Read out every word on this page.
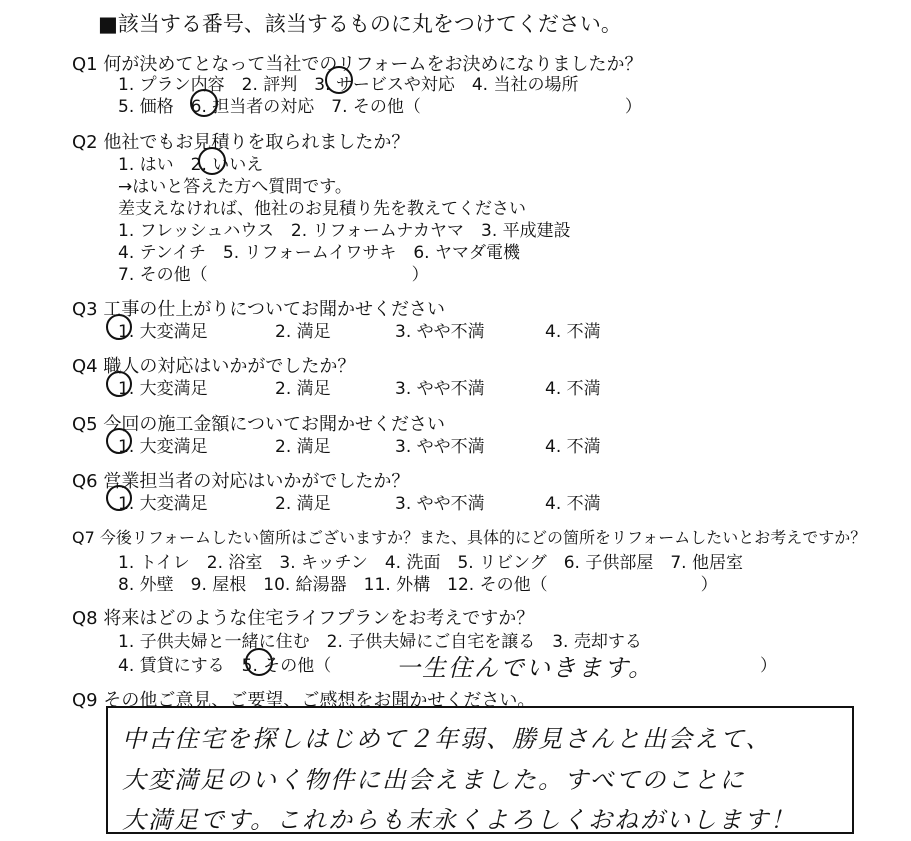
■該当する番号、該当するものに丸をつけてください。
Q1 何が決めてとなって当社でのリフォームをお決めになりましたか？
1. プラン内容　2. 評判　3. サービスや対応　4. 当社の場所
5. 価格　6. 担当者の対応　7. その他（　　　　　　　　　　　　）
Q2 他社でもお見積りを取られましたか？
1. はい　2. いいえ
→はいと答えた方へ質問です。
差支えなければ、他社のお見積り先を教えてください
1. フレッシュハウス　2. リフォームナカヤマ　3. 平成建設
4. テンイチ　5. リフォームイワサキ　6. ヤマダ電機
7. その他（　　　　　　　　　　　　）
Q3 工事の仕上がりについてお聞かせください
1. 大変満足	2. 満足	3. やや不満	4. 不満
Q4 職人の対応はいかがでしたか？
1. 大変満足	2. 満足	3. やや不満	4. 不満
Q5 今回の施工金額についてお聞かせください
1. 大変満足	2. 満足	3. やや不満	4. 不満
Q6 営業担当者の対応はいかがでしたか？
1. 大変満足	2. 満足	3. やや不満	4. 不満
Q7 今後リフォームしたい箇所はございますか？また、具体的にどの箇所をリフォームしたいとお考えですか？
1. トイレ　2. 浴室　3. キッチン　4. 洗面　5. リビング　6. 子供部屋　7. 他居室
8. 外壁　9. 屋根　10. 給湯器　11. 外構　12. その他（　　　　　　　　　）
Q8 将来はどのような住宅ライフプランをお考えですか？
1. 子供夫婦と一緒に住む　2. 子供夫婦にご自宅を譲る　3. 売却する
4. 賃貸にする　5. その他（	一生住んでいきます。	）
Q9 その他ご意見、ご要望、ご感想をお聞かせください。
中古住宅を探しはじめて２年弱、勝見さんと出会えて、
大変満足のいく物件に出会えました。すべてのことに
大満足です。これからも末永くよろしくおねがいします！
